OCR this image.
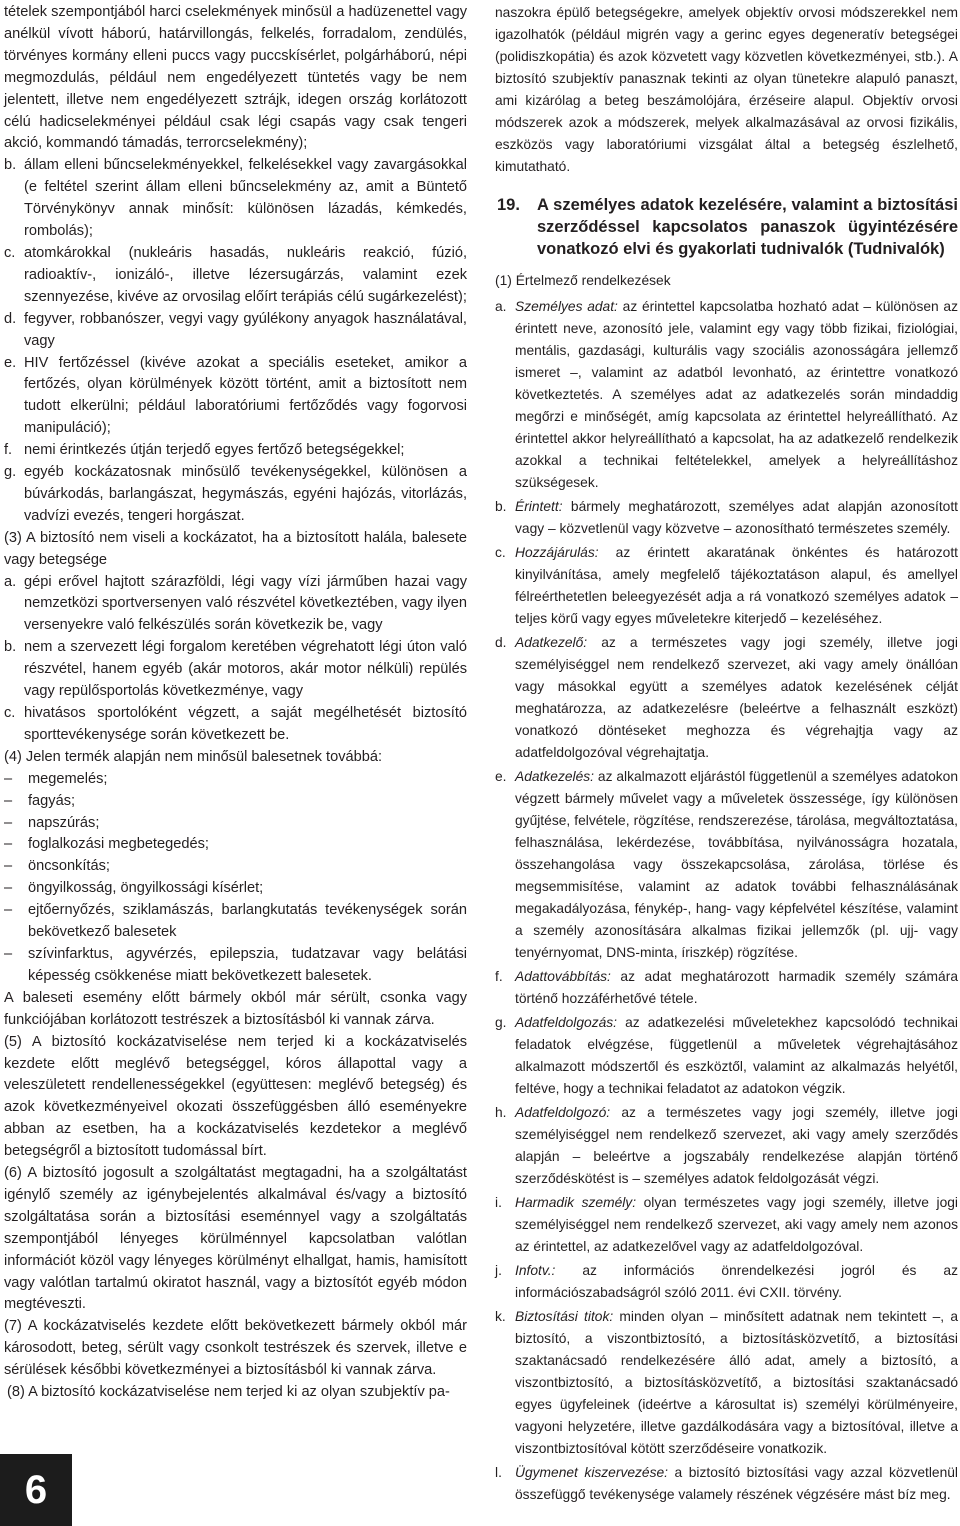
tételek szempontjából harci cselekmények minősül a hadüzenettel vagy anélkül vívott háború, határvillongás, felkelés, forradalom, zendülés, törvényes kormány elleni puccs vagy puccskísérlet, polgárháború, népi megmozdulás, például nem engedélyezett tüntetés vagy be nem jelentett, illetve nem engedélyezett sztrájk, idegen ország korlátozott célú hadicselekményei például csak légi csapás vagy csak tengeri akció, kommandó támadás, terrorcselekmény);

b. állam elleni bűncselekményekkel, felkelésekkel vagy zavargásokkal (e feltétel szerint állam elleni bűncselekmény az, amit a Büntető Törvénykönyv annak minősít: különösen lázadás, kémkedés, rombolás);
c. atomkárokkal (nukleáris hasadás, nukleáris reakció, fúzió, radioaktív-, ionizáló-, illetve lézersugárzás, valamint ezek szennyezése, kivéve az orvosilag előírt terápiás célú sugárkezelést);
d. fegyver, robbanószer, vegyi vagy gyúlékony anyagok használatával, vagy
e. HIV fertőzéssel (kivéve azokat a speciális eseteket, amikor a fertőzés, olyan körülmények között történt, amit a biztosított nem tudott elkerülni; például laboratóriumi fertőződés vagy fogorvosi manipuláció);
f. nemi érintkezés útján terjedő egyes fertőző betegségekkel;
g. egyéb kockázatosnak minősülő tevékenységekkel, különösen a búvárkodás, barlangászat, hegymászás, egyéni hajózás, vitorlázás, vadvízi evezés, tengeri horgászat.

(3) A biztosító nem viseli a kockázatot, ha a biztosított halála, balesete vagy betegsége

a. gépi erővel hajtott szárazföldi, légi vagy vízi járműben hazai vagy nemzetközi sportversenyen való részvétel következtében, vagy ilyen versenyekre való felkészülés során következik be, vagy
b. nem a szervezett légi forgalom keretében végrehatott légi úton való részvétel, hanem egyéb (akár motoros, akár motor nélküli) repülés vagy repülősportolás következménye, vagy
c. hivatásos sportolóként végzett, a saját megélhetését biztosító sporttevékenysége során következett be.

(4) Jelen termék alapján nem minősül balesetnek továbbá:

–	megemelés;
–	fagyás;
–	napszúrás;
–	foglalkozási megbetegedés;
–	öncsonkítás;
–	öngyilkosság, öngyilkossági kísérlet;
–	ejtőernyőzés, sziklamászás, barlangkutatás tevékenységek során bekövetkező balesetek
–	szívinfarktus, agyvérzés, epilepszia, tudatzavar vagy belátási képesség csökkenése miatt bekövetkezett balesetek.

A baleseti esemény előtt bármely okból már sérült, csonka vagy funkciójában korlátozott testrészek a biztosításból ki vannak zárva.

(5) A biztosító kockázatviselése nem terjed ki a kockázatviselés kezdete előtt meglévő betegséggel, kóros állapottal vagy a veleszületett rendellenességekkel (együttesen: meglévő betegség) és azok következményeivel okozati összefüggésben álló eseményekre abban az esetben, ha a kockázatviselés kezdetekor a meglévő betegségről a biztosított tudomással bírt.

(6) A biztosító jogosult a szolgáltatást megtagadni, ha a szolgáltatást igénylő személy az igénybejelentés alkalmával és/vagy a biztosító szolgáltatása során a biztosítási eseménnyel vagy a szolgáltatás szempontjából lényeges körülménnyel kapcsolatban valótlan információt közöl vagy lényeges körülményt elhallgat, hamis, hamisított vagy valótlan tartalmú okiratot használ, vagy a biztosítót egyéb módon megtéveszti.

(7) A kockázatviselés kezdete előtt bekövetkezett bármely okból már károsodott, beteg, sérült vagy csonkolt testrészek és szervek, illetve e sérülések későbbi következményei a biztosításból ki vannak zárva.

(8) A biztosító kockázatviselése nem terjed ki az olyan szubjektív pa-

naszokra épülő betegségekre, amelyek objektív orvosi módszerekkel nem igazolhatók (például migrén vagy a gerinc egyes degeneratív betegségei (polidiszkopátia) és azok közvetett vagy közvetlen következményei, stb.). A biztosító szubjektív panasznak tekinti az olyan tünetekre alapuló panaszt, ami kizárólag a beteg beszámolójára, érzéseire alapul. Objektív orvosi módszerek azok a módszerek, melyek alkalmazásával az orvosi fizikális, eszközös vagy laboratóriumi vizsgálat által a betegség észlelhető, kimutatható.

19.	A személyes adatok kezelésére, valamint a biztosítási szerződéssel kapcsolatos panaszok ügyintézésére vonatkozó elvi és gyakorlati tudnivalók (Tudnivalók)

(1) Értelmező rendelkezések

a. Személyes adat: az érintettel kapcsolatba hozható adat – különösen az érintett neve, azonosító jele, valamint egy vagy több fizikai, fiziológiai, mentális, gazdasági, kulturális vagy szociális azonosságára jellemző ismeret –, valamint az adatból levonható, az érintettre vonatkozó következtetés. A személyes adat az adatkezelés során mindaddig megőrzi e minőségét, amíg kapcsolata az érintettel helyreállítható. Az érintettel akkor helyreállítható a kapcsolat, ha az adatkezelő rendelkezik azokkal a technikai feltételekkel, amelyek a helyreállításhoz szükségesek.
b. Érintett: bármely meghatározott, személyes adat alapján azonosított vagy – közvetlenül vagy közvetve – azonosítható természetes személy.
c. Hozzájárulás: az érintett akaratának önkéntes és határozott kinyilvánítása, amely megfelelő tájékoztatáson alapul, és amellyel félreérthetetlen beleegyezését adja a rá vonatkozó személyes adatok – teljes körű vagy egyes műveletekre kiterjedő – kezeléséhez.
d. Adatkezelő: az a természetes vagy jogi személy, illetve jogi személyiséggel nem rendelkező szervezet, aki vagy amely önállóan vagy másokkal együtt a személyes adatok kezelésének célját meghatározza, az adatkezelésre (beleértve a felhasznált eszközt) vonatkozó döntéseket meghozza és végrehajtja vagy az adatfeldolgozóval végrehajtatja.
e. Adatkezelés: az alkalmazott eljárástól függetlenül a személyes adatokon végzett bármely művelet vagy a műveletek összessége, így különösen gyűjtése, felvétele, rögzítése, rendszerezése, tárolása, megváltoztatása, felhasználása, lekérdezése, továbbítása, nyilvánosságra hozatala, összehangolása vagy összekapcsolása, zárolása, törlése és megsemmisítése, valamint az adatok további felhasználásának megakadályozása, fénykép-, hang- vagy képfelvétel készítése, valamint a személy azonosítására alkalmas fizikai jellemzők (pl. ujj- vagy tenyérnyomat, DNS-minta, íriszkép) rögzítése.
f. Adattovábbítás: az adat meghatározott harmadik személy számára történő hozzáférhetővé tétele.
g. Adatfeldolgozás: az adatkezelési műveletekhez kapcsolódó technikai feladatok elvégzése, függetlenül a műveletek végrehajtásához alkalmazott módszertől és eszköztől, valamint az alkalmazás helyétől, feltéve, hogy a technikai feladatot az adatokon végzik.
h. Adatfeldolgozó: az a természetes vagy jogi személy, illetve jogi személyiséggel nem rendelkező szervezet, aki vagy amely szerződés alapján – beleértve a jogszabály rendelkezése alapján történő szerződéskötést is – személyes adatok feldolgozását végzi.
i. Harmadik személy: olyan természetes vagy jogi személy, illetve jogi személyiséggel nem rendelkező szervezet, aki vagy amely nem azonos az érintettel, az adatkezelővel vagy az adatfeldolgozóval.
j. Infotv.: az információs önrendelkezési jogról és az információszabadságról szóló 2011. évi CXII. törvény.
k. Biztosítási titok: minden olyan – minősített adatnak nem tekintett –, a biztosító, a viszontbiztosító, a biztosításközvetítő, a biztosítási szaktanácsadó rendelkezésére álló adat, amely a biztosító, a viszontbiztosító, a biztosításközvetítő, a biztosítási szaktanácsadó egyes ügyfeleinek (ideértve a károsultat is) személyi körülményeire, vagyoni helyzetére, illetve gazdálkodására vagy a biztosítóval, illetve a viszontbiztosítóval kötött szerződéseire vonatkozik.
l. Ügymenet kiszervezése: a biztosító biztosítási vagy azzal közvetlenül összefüggő tevékenysége valamely részének végzésére mást bíz meg.
6
